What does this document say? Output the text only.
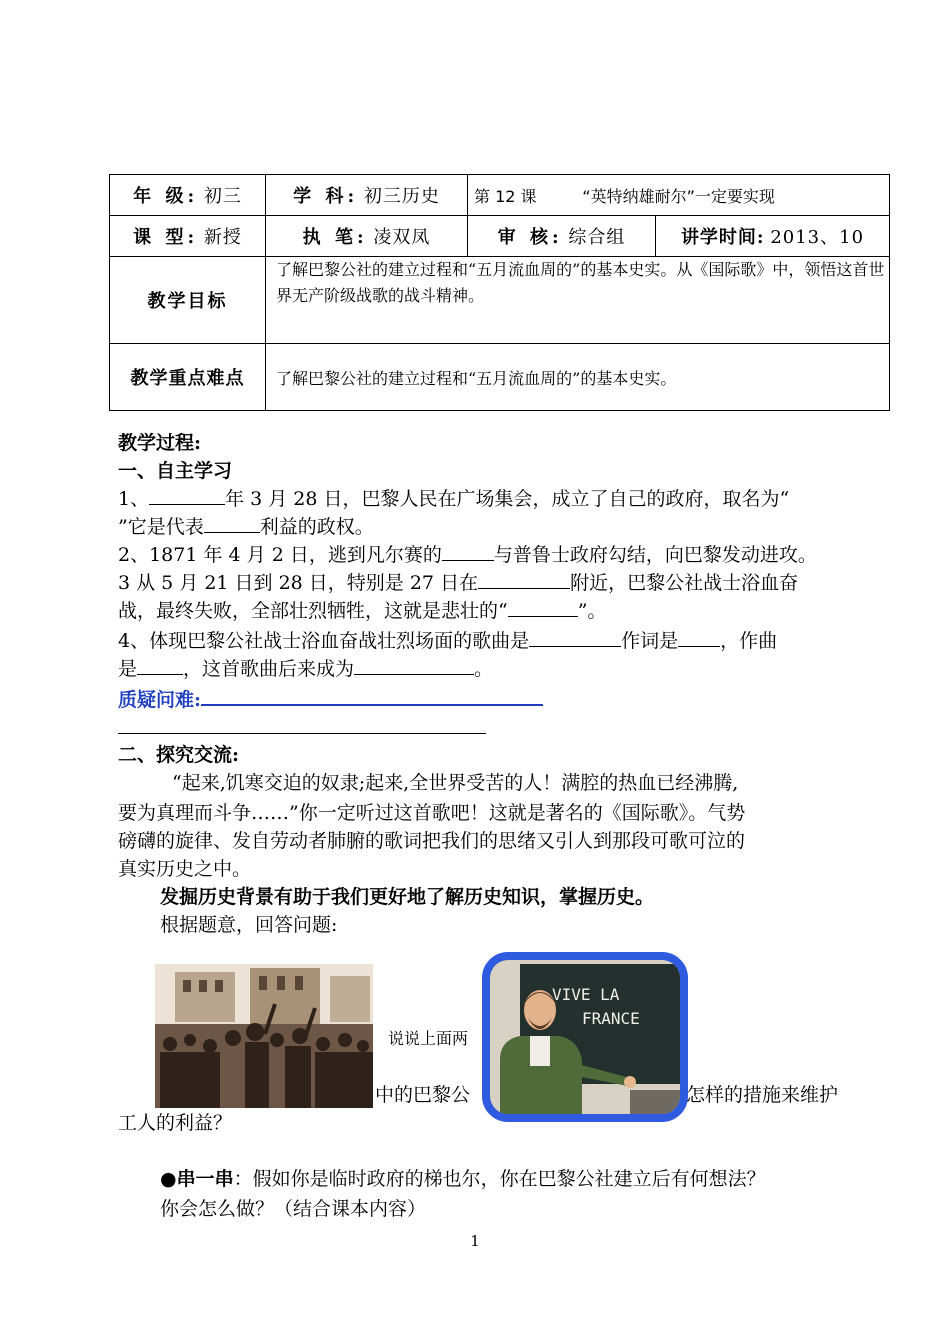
年 级: 初三	学 科: 初三历史	第 12 课 “英特纳雄耐尔”一定要实现	
课 型: 新授	执 笔: 凌双凤	审 核: 综合组	讲学时间: 2013、10
教学目标	了解巴黎公社的建立过程和“五月流血周的”的基本史实。从《国际歌》中，领悟这首世界无产阶级战歌的战斗精神。		
教学重点难点	了解巴黎公社的建立过程和“五月流血周的”的基本史实。		
教学过程:
一、自主学习
1、	年 3 月 28 日，巴黎人民在广场集会，成立了自己的政府，取名为“
”它是代表	利益的政权。
2、1871 年 4 月 2 日，逃到凡尔赛的	与普鲁士政府勾结，向巴黎发动进攻。
3 从 5 月 21 日到 28 日，特别是 27 日在	附近，巴黎公社战士浴血奋
战，最终失败，全部壮烈牺牲，这就是悲壮的“	”。
4、体现巴黎公社战士浴血奋战壮烈场面的歌曲是	作词是 ，作曲
是 ，这首歌曲后来成为	。
质疑问难:
二、探究交流:
“起来,饥寒交迫的奴隶;起来,全世界受苦的人！满腔的热血已经沸腾,
要为真理而斗争……”你一定听过这首歌吧！这就是著名的《国际歌》。气势
磅礴的旋律、发自劳动者肺腑的歌词把我们的思绪又引人到那段可歌可泣的
真实历史之中。
发掘历史背景有助于我们更好地了解历史知识，掌握历史。
根据题意，回答问题:
VIVE LA
FRANCE
说说上面两
中的巴黎公	怎样的措施来维护
工人的利益？
●串一串：假如你是临时政府的梯也尔，你在巴黎公社建立后有何想法？
你会怎么做？（结合课本内容）
1
